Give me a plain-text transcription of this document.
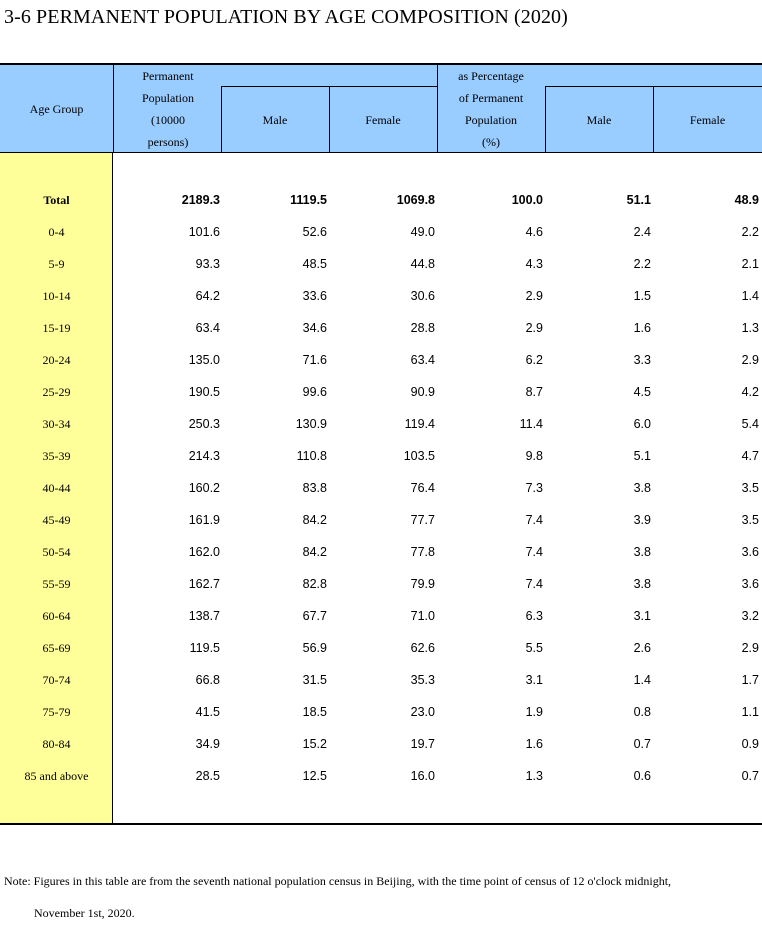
3-6 PERMANENT POPULATION BY AGE COMPOSITION (2020)
Age Group
Permanent
Population
(10000
persons)
Male	Female
as Percentage
of Permanent
Population
(%)
Male	Female
Total	2189.3	1119.5	1069.8	100.0	51.1	48.9
0-4	101.6	52.6	49.0	4.6	2.4	2.2
5-9	93.3	48.5	44.8	4.3	2.2	2.1
10-14	64.2	33.6	30.6	2.9	1.5	1.4
15-19	63.4	34.6	28.8	2.9	1.6	1.3
20-24	135.0	71.6	63.4	6.2	3.3	2.9
25-29	190.5	99.6	90.9	8.7	4.5	4.2
30-34	250.3	130.9	119.4	11.4	6.0	5.4
35-39	214.3	110.8	103.5	9.8	5.1	4.7
40-44	160.2	83.8	76.4	7.3	3.8	3.5
45-49	161.9	84.2	77.7	7.4	3.9	3.5
50-54	162.0	84.2	77.8	7.4	3.8	3.6
55-59	162.7	82.8	79.9	7.4	3.8	3.6
60-64	138.7	67.7	71.0	6.3	3.1	3.2
65-69	119.5	56.9	62.6	5.5	2.6	2.9
70-74	66.8	31.5	35.3	3.1	1.4	1.7
75-79	41.5	18.5	23.0	1.9	0.8	1.1
80-84	34.9	15.2	19.7	1.6	0.7	0.9
85 and above	28.5	12.5	16.0	1.3	0.6	0.7
Note: Figures in this table are from the seventh national population census in Beijing, with the time point of census of 12 o'clock midnight,
November 1st, 2020.
